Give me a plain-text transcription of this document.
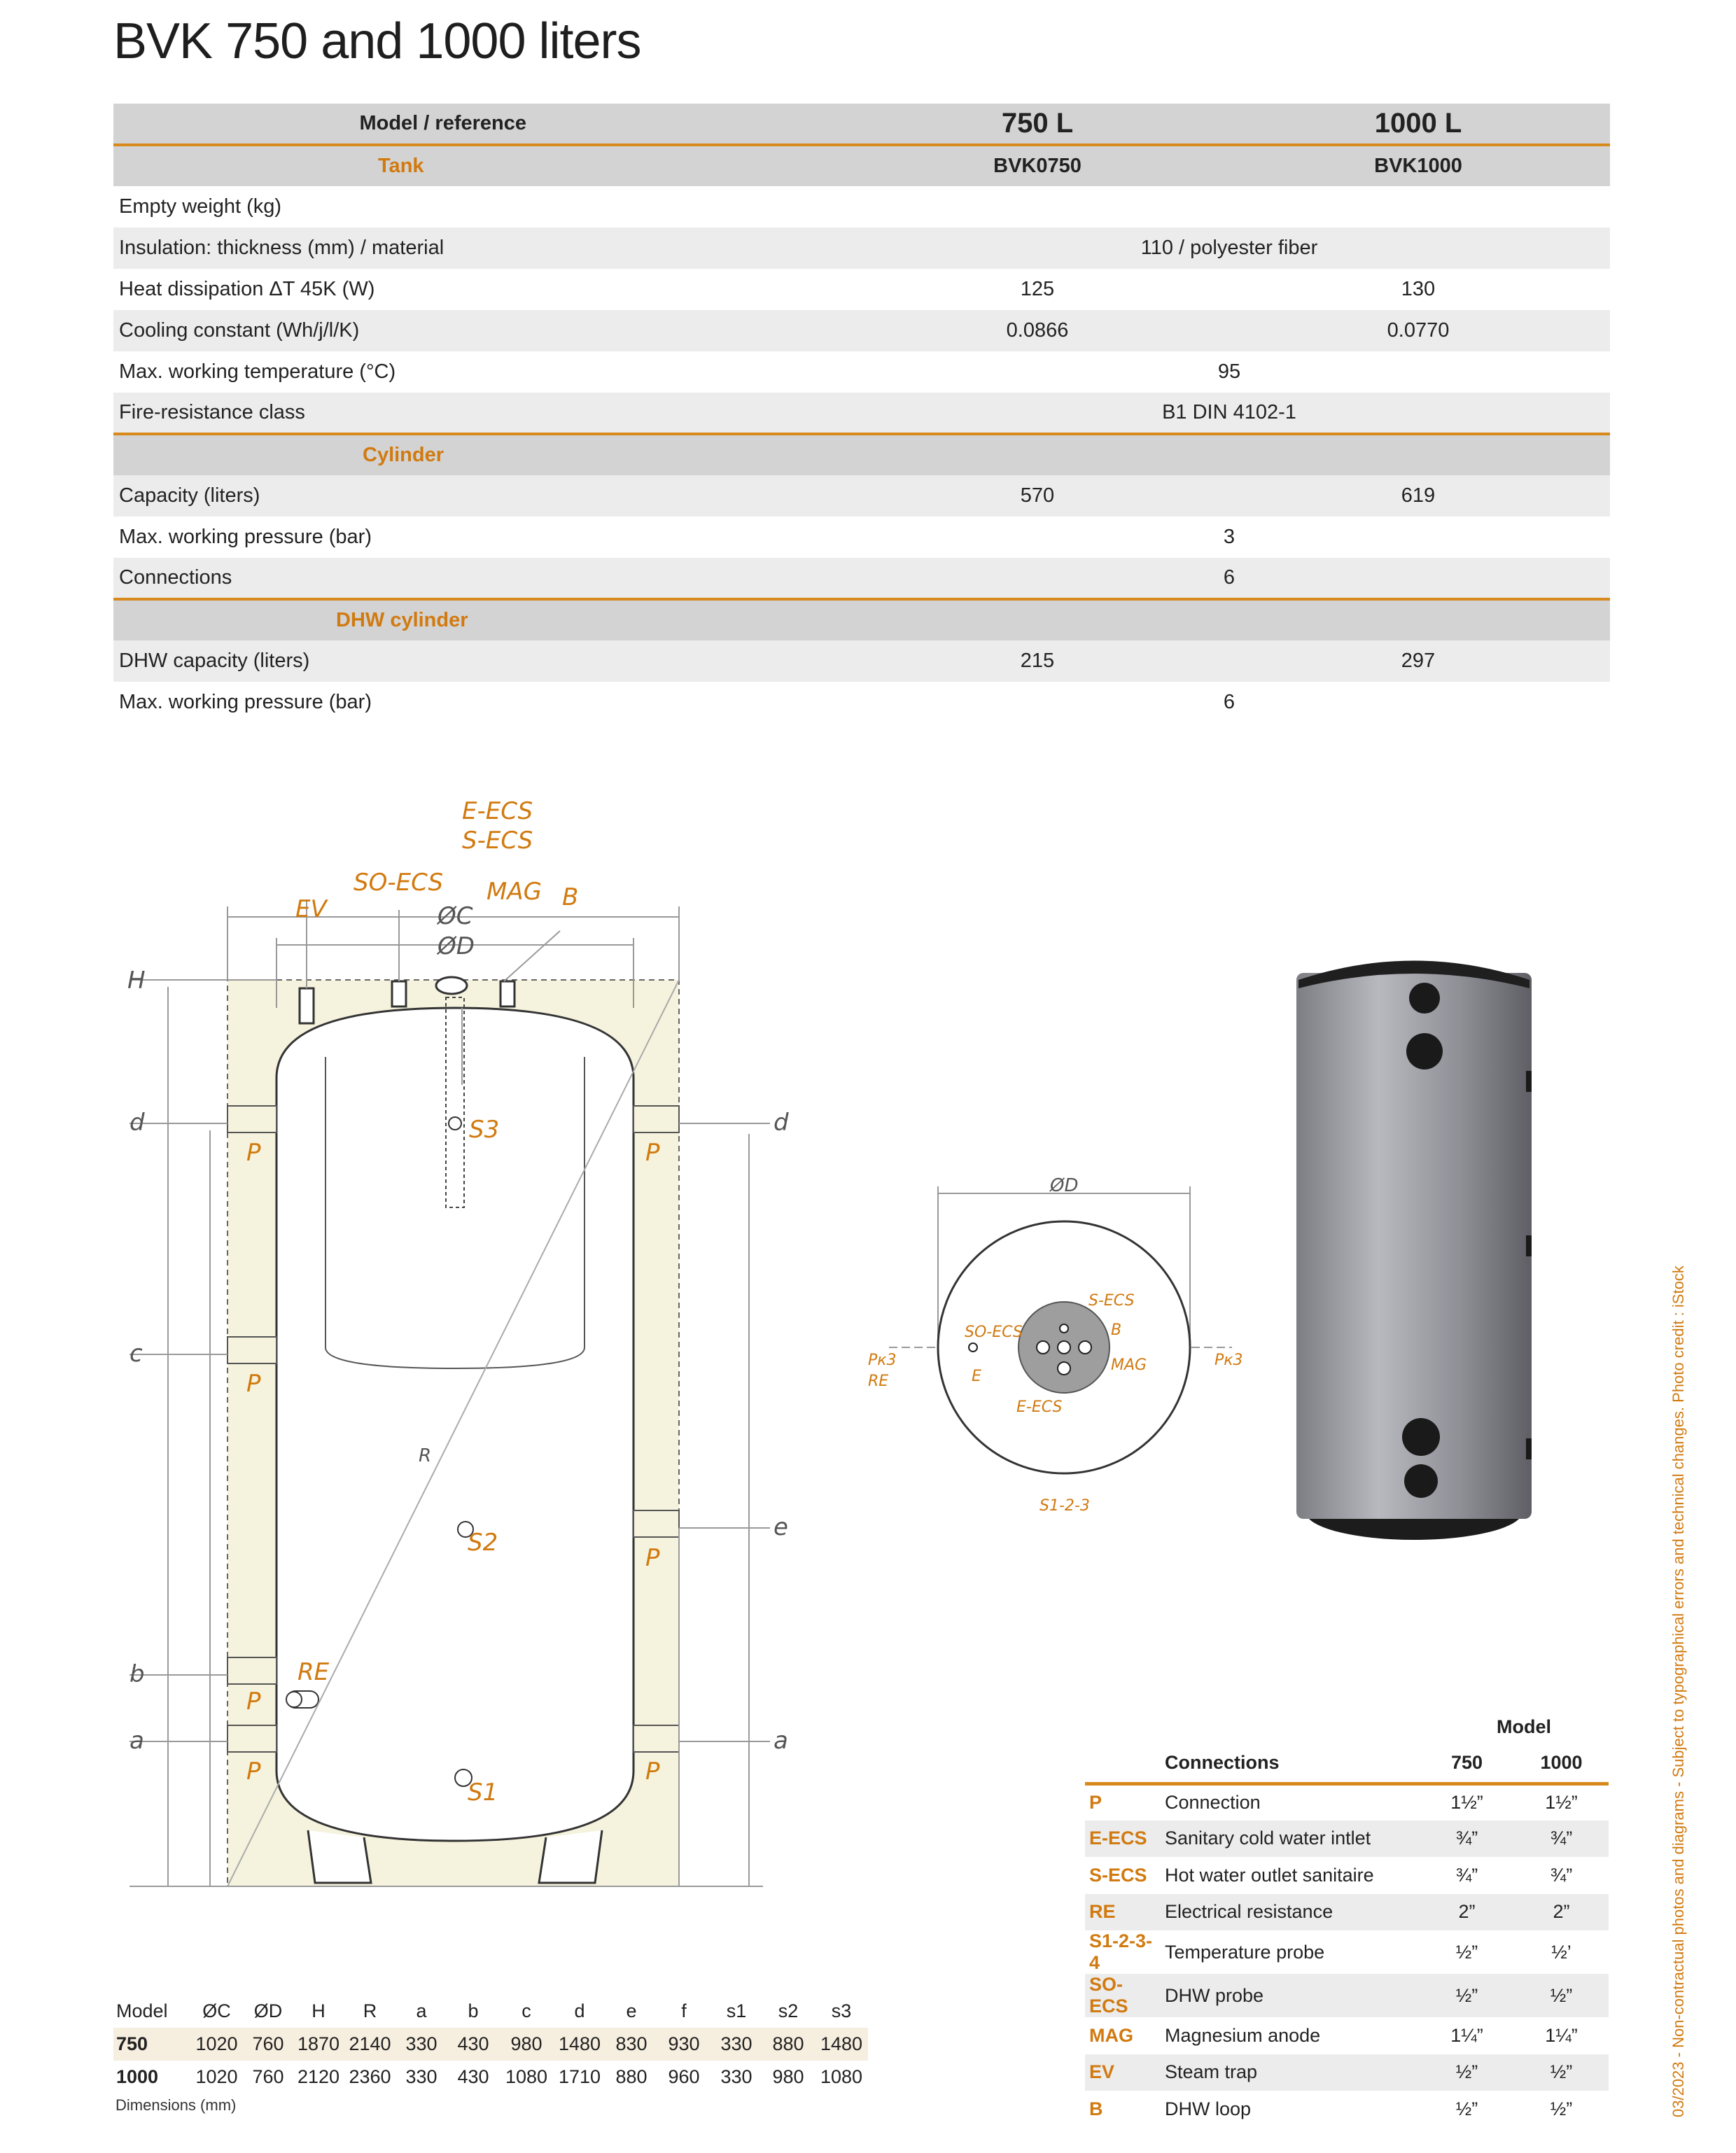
BVK 750 and 1000 liters
Model / reference	750 L	1000 L
Tank	BVK0750	BVK1000
Empty weight (kg)		
Insulation: thickness (mm) / material	110 / polyester fiber	
Heat dissipation ΔT 45K (W)	125	130
Cooling constant (Wh/j/l/K)	0.0866	0.0770
Max. working temperature (°C)	95	
Fire-resistance class	B1 DIN 4102-1	
Cylinder		
Capacity (liters)	570	619
Max. working pressure (bar)	3	
Connections	6	
DHW cylinder		
DHW capacity (liters)	215	297
Max. working pressure (bar)	6	
E-ECS
S-ECS
SO-ECS MAG B
EV
S3
S2
S1
RE
P
P
P
P
P
P
P
ØC
ØD
H
d
c
b
a
d
e
a
R
ØD
S-ECS
SO-ECS	B
MAG
E
E-ECS
Pк3
RE
Pк3
S1-2-3
Model	ØC	ØD	H	R	a	b	c	d	e	f	s1	s2	s3
750	1020	760	1870	2140	330	430	980	1480	830	930	330	880	1480
1000	1020	760	2120	2360	330	430	1080	1710	880	960	330	980	1080
Dimensions (mm)
Model
	Connections	750	1000
P	Connection	1½”	1½”
E-ECS	Sanitary cold water intlet	¾”	¾”
S-ECS	Hot water outlet sanitaire	¾”	¾”
RE	Electrical resistance	2”	2”
S1-2-3-4	Temperature probe	½”	½’
SO-ECS	DHW probe	½”	½”
MAG	Magnesium anode	1¼”	1¼”
EV	Steam trap	½”	½”
B	DHW loop	½”	½”	03/2023 - Non-contractual photos and diagrams - Subject to typographical errors and technical changes. Photo credit : iStock
